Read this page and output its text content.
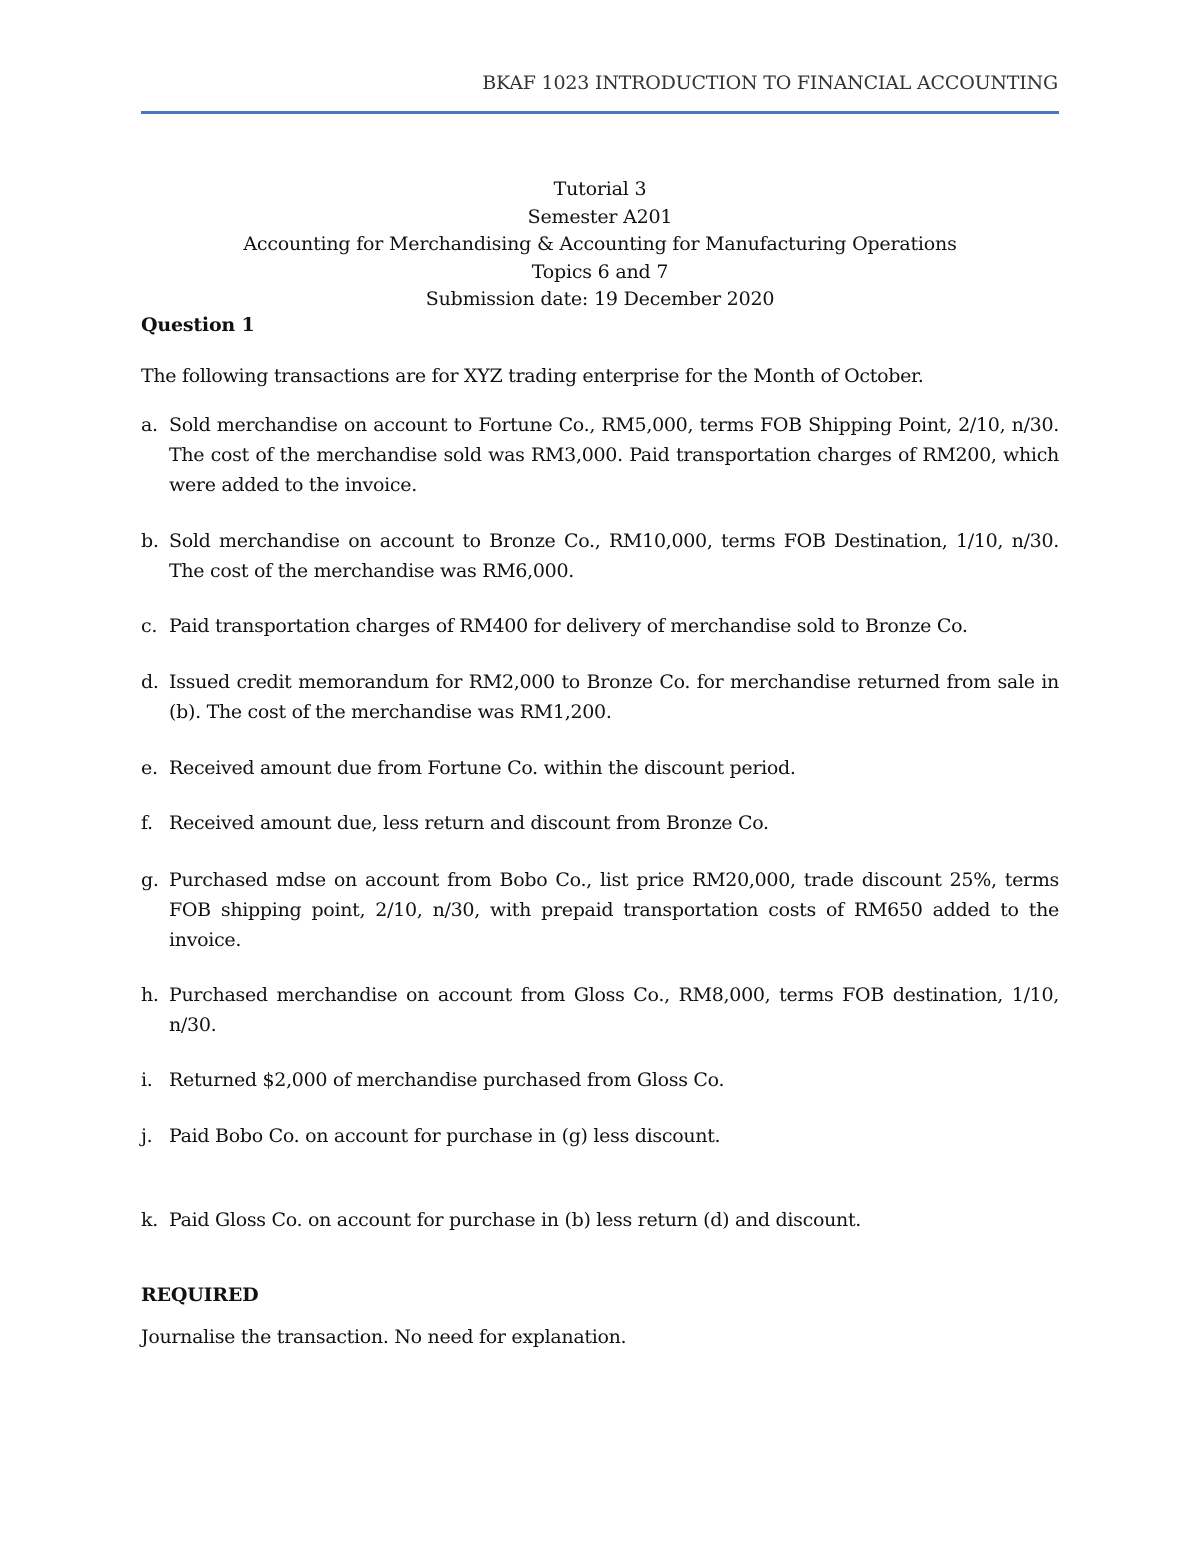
BKAF 1023 INTRODUCTION TO FINANCIAL ACCOUNTING
Tutorial 3
Semester A201
Accounting for Merchandising & Accounting for Manufacturing Operations
Topics 6 and 7
Submission date: 19 December 2020
Question 1
The following transactions are for XYZ trading enterprise for the Month of October.
a. Sold merchandise on account to Fortune Co., RM5,000, terms FOB Shipping Point, 2/10, n/30. The cost of the merchandise sold was RM3,000. Paid transportation charges of RM200, which were added to the invoice.
b. Sold merchandise on account to Bronze Co., RM10,000, terms FOB Destination, 1/10, n/30. The cost of the merchandise was RM6,000.
c. Paid transportation charges of RM400 for delivery of merchandise sold to Bronze Co.
d. Issued credit memorandum for RM2,000 to Bronze Co. for merchandise returned from sale in (b). The cost of the merchandise was RM1,200.
e. Received amount due from Fortune Co. within the discount period.
f. Received amount due, less return and discount from Bronze Co.
g. Purchased mdse on account from Bobo Co., list price RM20,000, trade discount 25%, terms FOB shipping point, 2/10, n/30, with prepaid transportation costs of RM650 added to the invoice.
h. Purchased merchandise on account from Gloss Co., RM8,000, terms FOB destination, 1/10, n/30.
i. Returned $2,000 of merchandise purchased from Gloss Co.
j. Paid Bobo Co. on account for purchase in (g) less discount.
k. Paid Gloss Co. on account for purchase in (b) less return (d) and discount.
REQUIRED
Journalise the transaction. No need for explanation.
